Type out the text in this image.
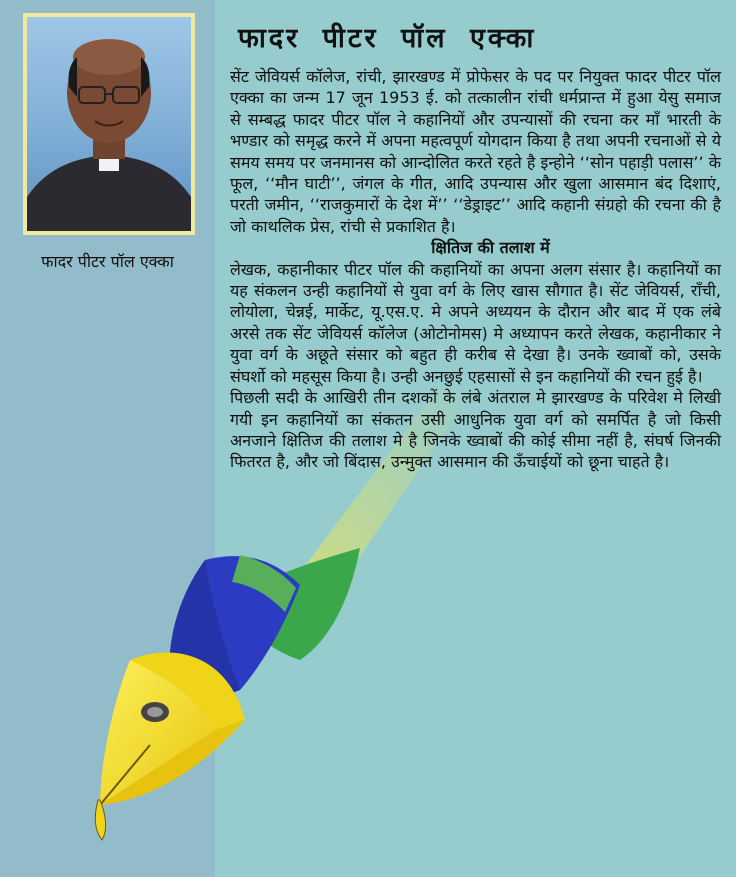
फादर पीटर पॉल एक्का
फादर पीटर पॉल एक्का

सेंट जेवियर्स कॉलेज, रांची, झारखण्ड में प्रोफेसर के पद पर नियुक्त फादर पीटर पॉल एक्का का जन्म 17 जून 1953 ई. को तत्कालीन रांची धर्मप्रान्त में हुआ येसु समाज से सम्बद्ध फादर पीटर पॉल ने कहानियों और उपन्यासों की रचना कर माँ भारती के भण्डार को समृद्ध करने में अपना महत्वपूर्ण योगदान किया है तथा अपनी रचनाओं से ये समय समय पर जनमानस को आन्दोलित करते रहते है इन्होने ‘‘सोन पहाड़ी पलास’’ के फूल, ‘‘मौन घाटी’’, जंगल के गीत, आदि उपन्यास और खुला आसमान बंद दिशाएं, परती जमीन, ‘‘राजकुमारों के देश में’’ ‘‘डेड्राइट’’ आदि कहानी संग्रहो की रचना की है जो काथलिक प्रेस, रांची से प्रकाशित है।

क्षितिज की तलाश में

लेखक, कहानीकार पीटर पॉल की कहानियों का अपना अलग संसार है। कहानियों का यह संकलन उन्ही कहानियों से युवा वर्ग के लिए खास सौगात है। सेंट जेवियर्स, राँची, लोयोला, चेन्नई, मार्केट, यू.एस.ए. मे अपने अध्ययन के दौरान और बाद में एक लंबे अरसे तक सेंट जेवियर्स कॉलेज (ओटोनोमस) मे अध्यापन करते लेखक, कहानीकार ने युवा वर्ग के अछूते संसार को बहुत ही करीब से देखा है। उनके ख्वाबों को, उसके संघर्शो को महसूस किया है। उन्ही अनछुई एहसासों से इन कहानियों की रचन हुई है।

पिछली सदी के आखिरी तीन दशकों के लंबे अंतराल मे झारखण्ड के परिवेश मे लिखी गयी इन कहानियों का संकतन उसी आधुनिक युवा वर्ग को समर्पित है जो किसी अनजाने क्षितिज की तलाश मे है जिनके ख्वाबों की कोई सीमा नहीं है, संघर्ष जिनकी फितरत है, और जो बिंदास, उन्मुक्त आसमान की ऊँचाईयों को छूना चाहते है।
